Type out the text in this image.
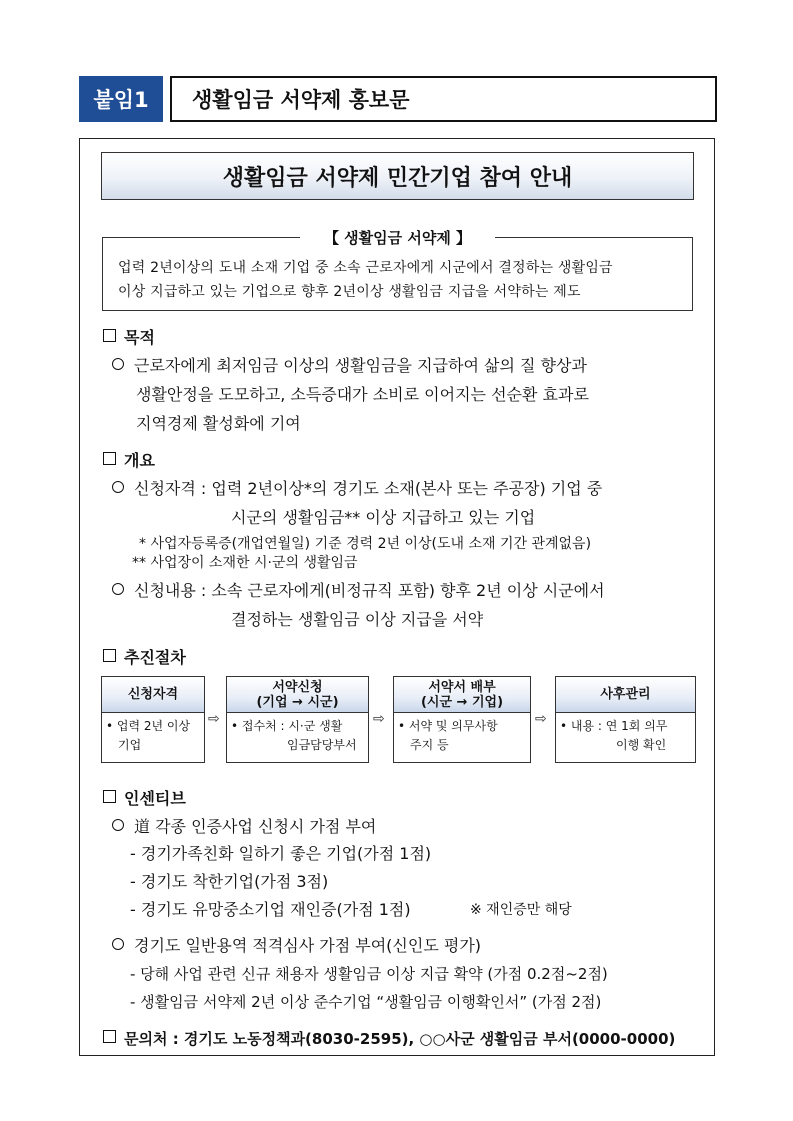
붙임1	생활임금 서약제 홍보문
생활임금 서약제 민간기업 참여 안내
【 생활임금 서약제 】
업력 2년이상의 도내 소재 기업 중 소속 근로자에게 시군에서 결정하는 생활임금
이상 지급하고 있는 기업으로 향후 2년이상 생활임금 지급을 서약하는 제도
목적
근로자에게 최저임금 이상의 생활임금을 지급하여 삶의 질 향상과
생활안정을 도모하고, 소득증대가 소비로 이어지는 선순환 효과로
지역경제 활성화에 기여
개요
신청자격 : 업력 2년이상*의 경기도 소재(본사 또는 주공장) 기업 중
시군의 생활임금** 이상 지급하고 있는 기업
* 사업자등록증(개업연월일) 기준 경력 2년 이상(도내 소재 기간 관계없음)
** 사업장이 소재한 시·군의 생활임금
신청내용 : 소속 근로자에게(비정규직 포함) 향후 2년 이상 시군에서
결정하는 생활임금 이상 지급을 서약
추진절차
신청자격
• 업력 2년 이상
기업
⇨
서약신청
(기업 → 시군)
• 접수처 : 시·군 생활
임금담당부서
⇨
서약서 배부
(시군 → 기업)
• 서약 및 의무사항
주지 등
⇨
사후관리
• 내용 : 연 1회 의무
이행 확인
인센티브
道 각종 인증사업 신청시 가점 부여
- 경기가족친화 일하기 좋은 기업(가점 1점)
- 경기도 착한기업(가점 3점)
- 경기도 유망중소기업 재인증(가점 1점)	※ 재인증만 해당
경기도 일반용역 적격심사 가점 부여(신인도 평가)
- 당해 사업 관련 신규 채용자 생활임금 이상 지급 확약 (가점 0.2점~2점)
- 생활임금 서약제 2년 이상 준수기업 “생활임금 이행확인서” (가점 2점)
문의처 : 경기도 노동정책과(8030-2595), ○○사군 생활임금 부서(0000-0000)
